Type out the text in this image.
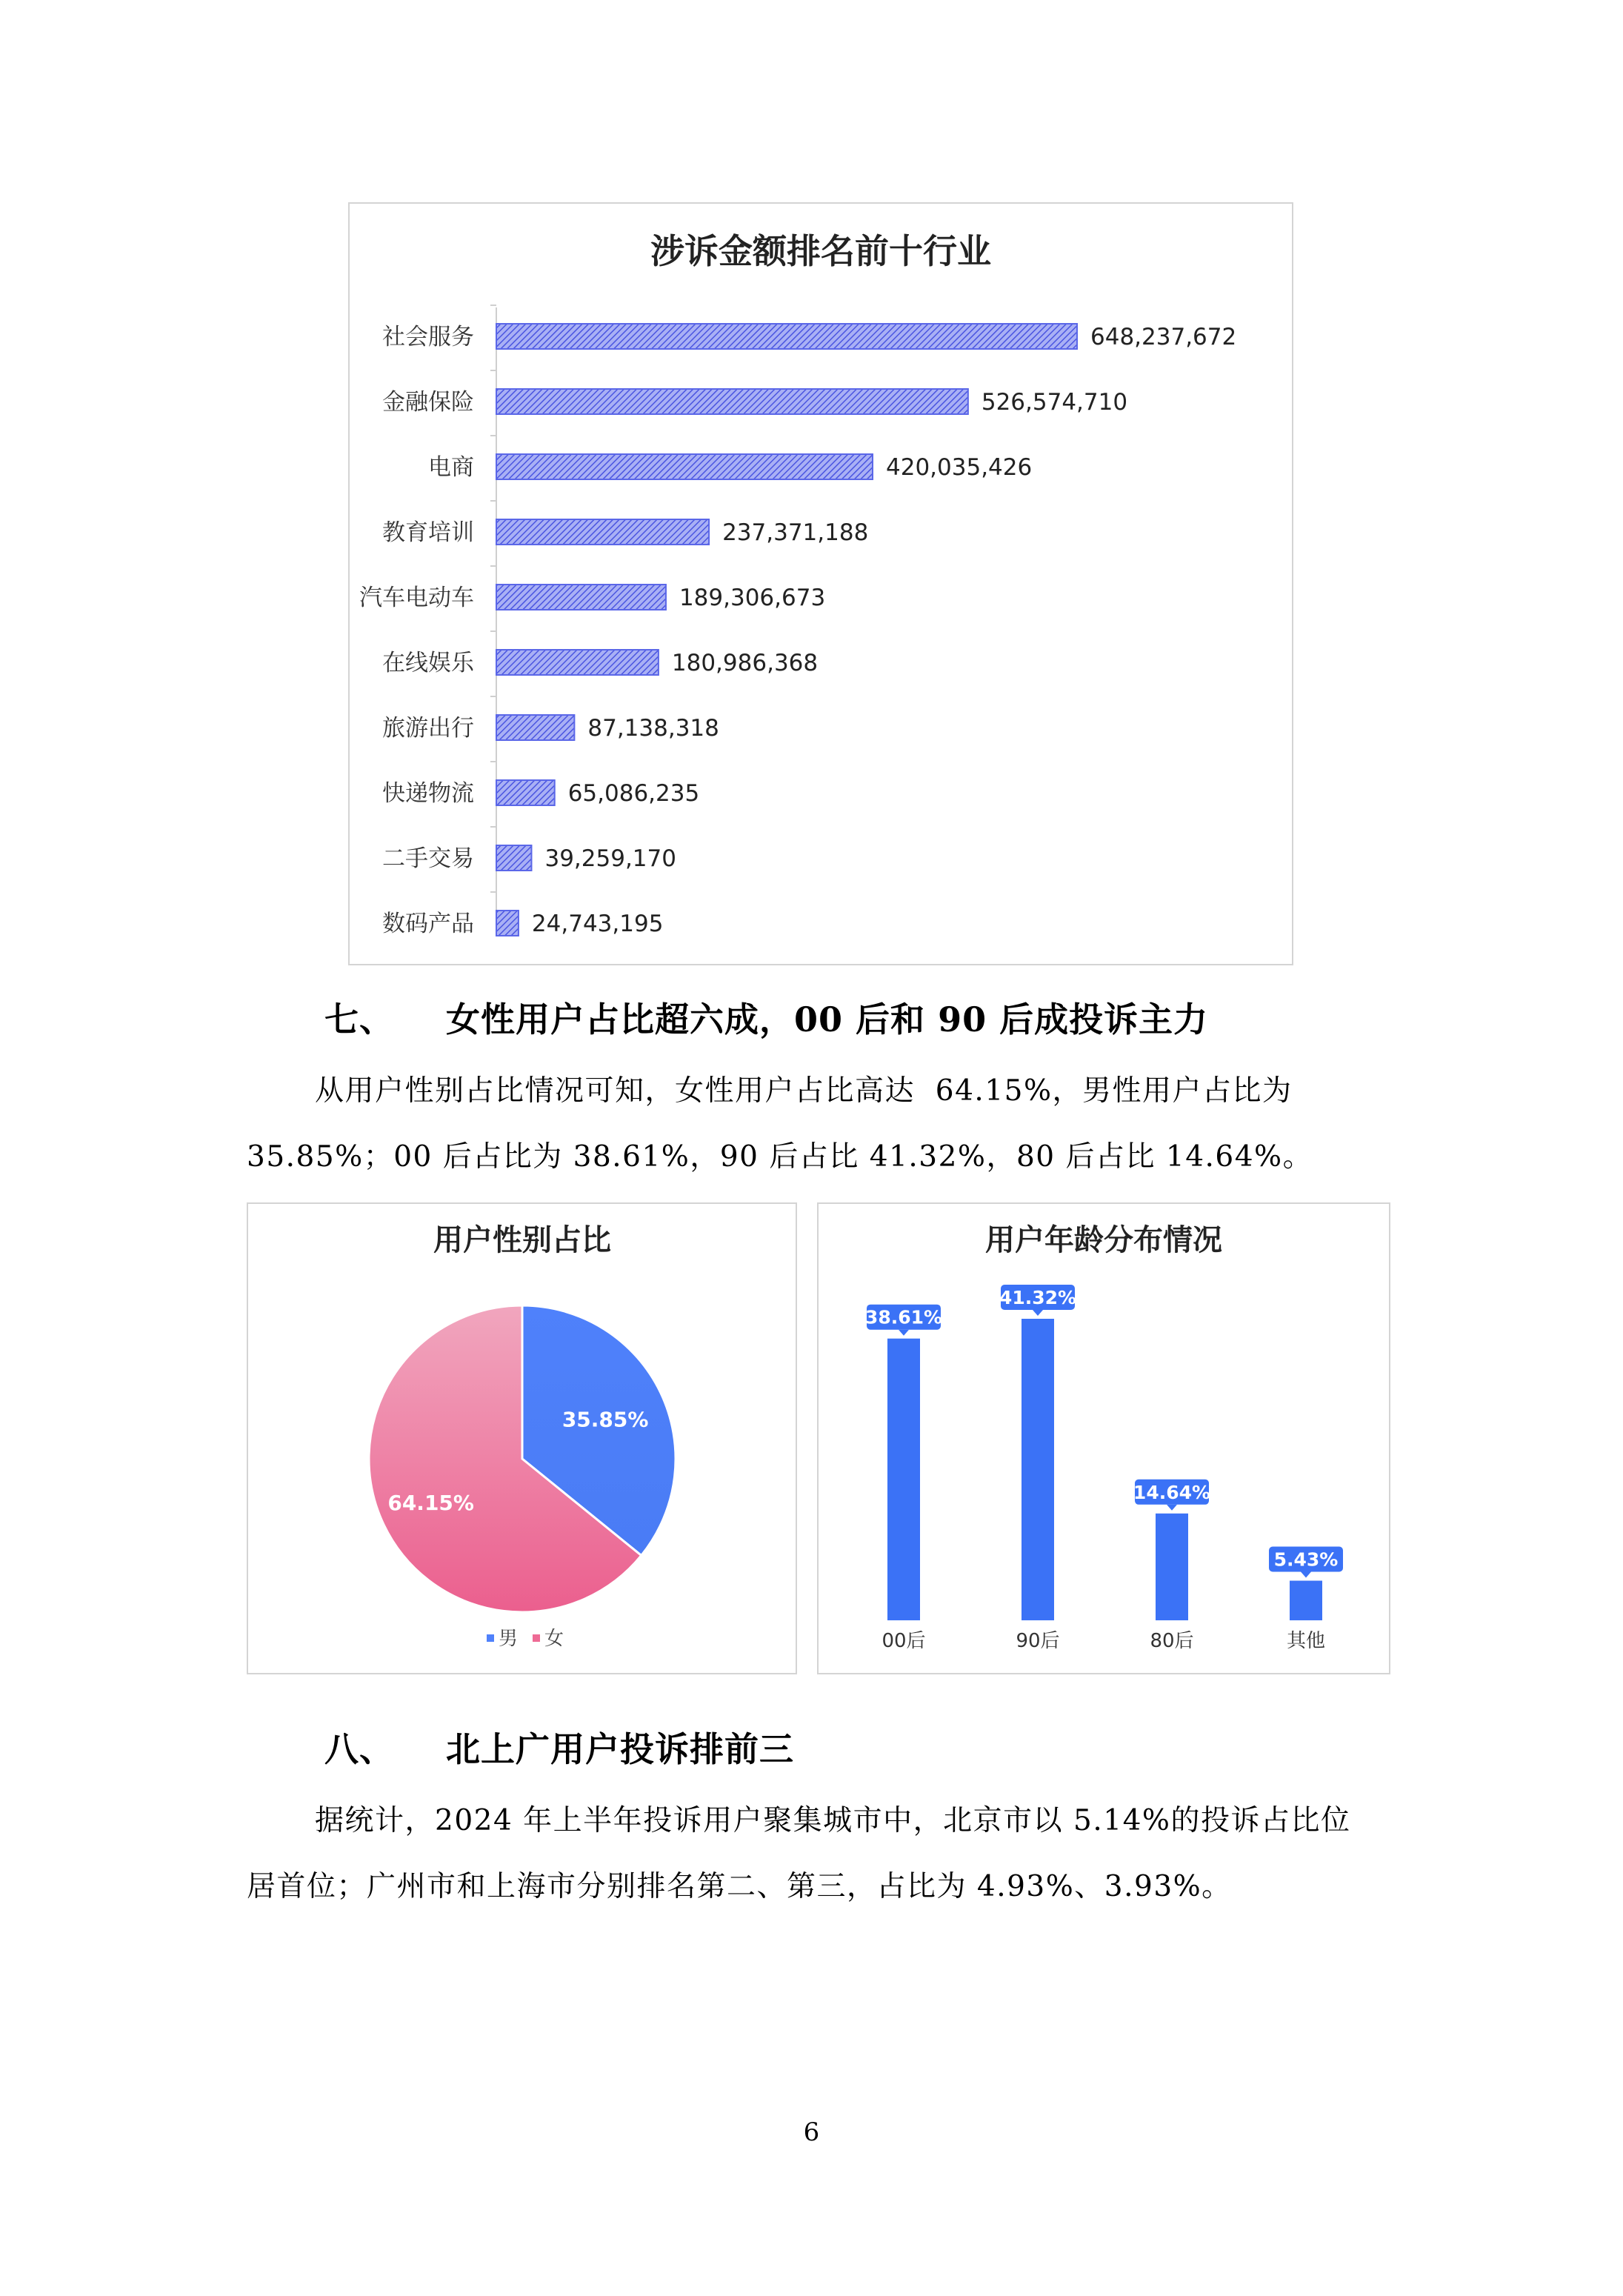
涉诉金额排名前十行业
社会服务	648,237,672
金融保险	526,574,710
电商	420,035,426
教育培训	237,371,188
汽车电动车	189,306,673
在线娱乐	180,986,368
旅游出行	87,138,318
快递物流	65,086,235
二手交易	39,259,170
数码产品	24,743,195
七、 女性用户占比超六成，00 后和 90 后成投诉主力
从用户性别占比情况可知，女性用户占比高达  64.15%，男性用户占比为
35.85%；00 后占比为 38.61%，90 后占比 41.32%，80 后占比 14.64%。
用户性别占比
35.85%
64.15%
男 女
用户年龄分布情况
38.61%
00后
41.32%
90后
14.64%
80后
5.43%
其他
八、 北上广用户投诉排前三
据统计，2024 年上半年投诉用户聚集城市中，北京市以 5.14%的投诉占比位
居首位；广州市和上海市分别排名第二、第三，占比为 4.93%、3.93%。
6
